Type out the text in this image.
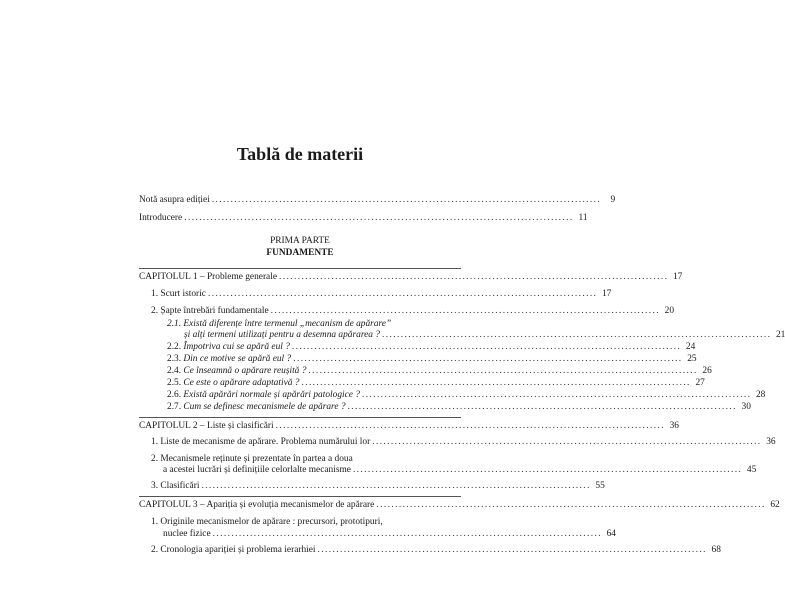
Tablă de materii
Notă asupra ediției ........................................................................................................ 9
Introducere ........................................................................................................ 11
PRIMA PARTE
FUNDAMENTE
CAPITOLUL 1 – Probleme generale ........................................................................................................ 17
1. Scurt istoric ........................................................................................................ 17
2. Șapte întrebări fundamentale ........................................................................................................ 20
2.1. Există diferențe între termenul „mecanism de apărare”
și alți termeni utilizați pentru a desemna apărarea ? ........................................................................................................ 21
2.2.
Împotriva cui se apără eul ? ........................................................................................................ 24
2.3.
Din ce motive se apără eul ? ........................................................................................................ 25
2.4.
Ce înseamnă o apărare reușită ? ........................................................................................................ 26
2.5.
Ce este o apărare adaptativă ? ........................................................................................................ 27
2.6.
Există apărări normale și apărări patologice ? ........................................................................................................ 28
2.7.
Cum se definesc mecanismele de apărare ? ........................................................................................................ 30
CAPITOLUL 2 – Liste și clasificări ........................................................................................................ 36
1. Liste de mecanisme de apărare. Problema numărului lor ........................................................................................................ 36
2. Mecanismele reținute și prezentate în partea a doua
a acestei lucrări și definițiile celorlalte mecanisme ........................................................................................................ 45
3. Clasificări ........................................................................................................ 55
CAPITOLUL 3 – Apariția și evoluția mecanismelor de apărare ........................................................................................................ 62
1. Originile mecanismelor de apărare : precursori, prototipuri,
nuclee fizice ........................................................................................................ 64
2. Cronologia apariției și problema ierarhiei ........................................................................................................ 68
